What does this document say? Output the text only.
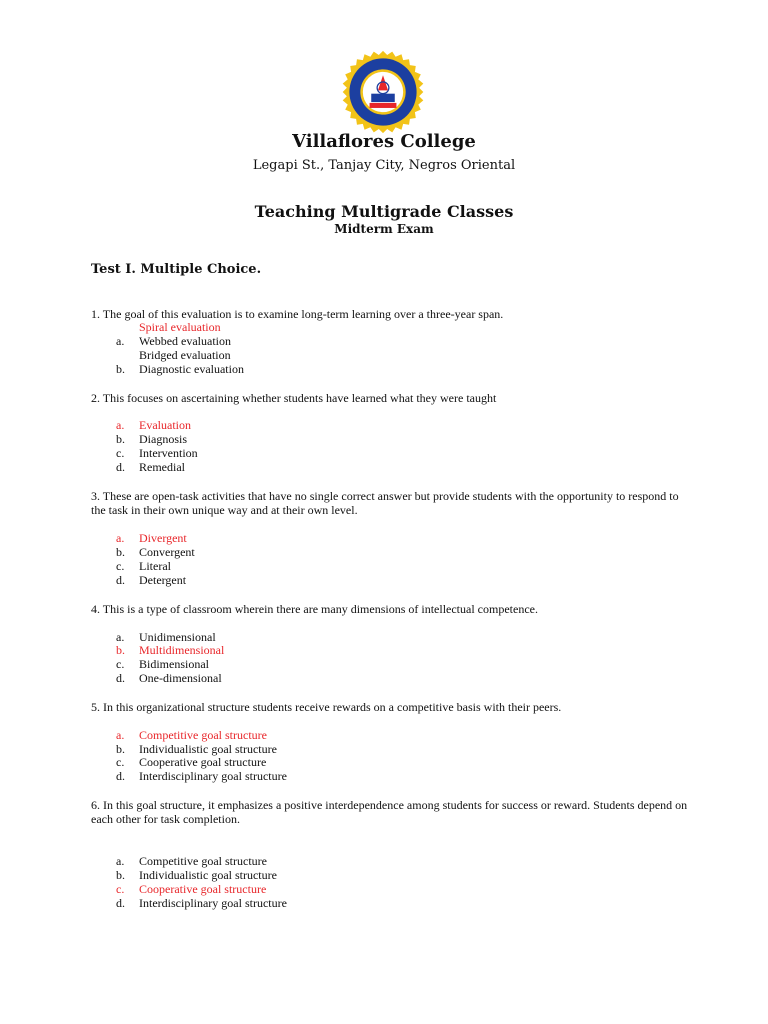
Villaflores College
Legapi St., Tanjay City, Negros Oriental
Teaching Multigrade Classes
Midterm Exam
Test I. Multiple Choice.
1. The goal of this evaluation is to examine long-term learning over a three-year span.
Spiral evaluation
a. Webbed evaluation
Bridged evaluation
b. Diagnostic evaluation
2. This focuses on ascertaining whether students have learned what they were taught
a. Evaluation
b. Diagnosis
c. Intervention
d. Remedial
3. These are open-task activities that have no single correct answer but provide students with the opportunity to respond to the task in their own unique way and at their own level.
a. Divergent
b. Convergent
c. Literal
d. Detergent
4. This is a type of classroom wherein there are many dimensions of intellectual competence.
a. Unidimensional
b. Multidimensional
c. Bidimensional
d. One-dimensional
5. In this organizational structure students receive rewards on a competitive basis with their peers.
a. Competitive goal structure
b. Individualistic goal structure
c. Cooperative goal structure
d. Interdisciplinary goal structure
6. In this goal structure, it emphasizes a positive interdependence among students for success or reward. Students depend on each other for task completion.
a. Competitive goal structure
b. Individualistic goal structure
c. Cooperative goal structure
d. Interdisciplinary goal structure
